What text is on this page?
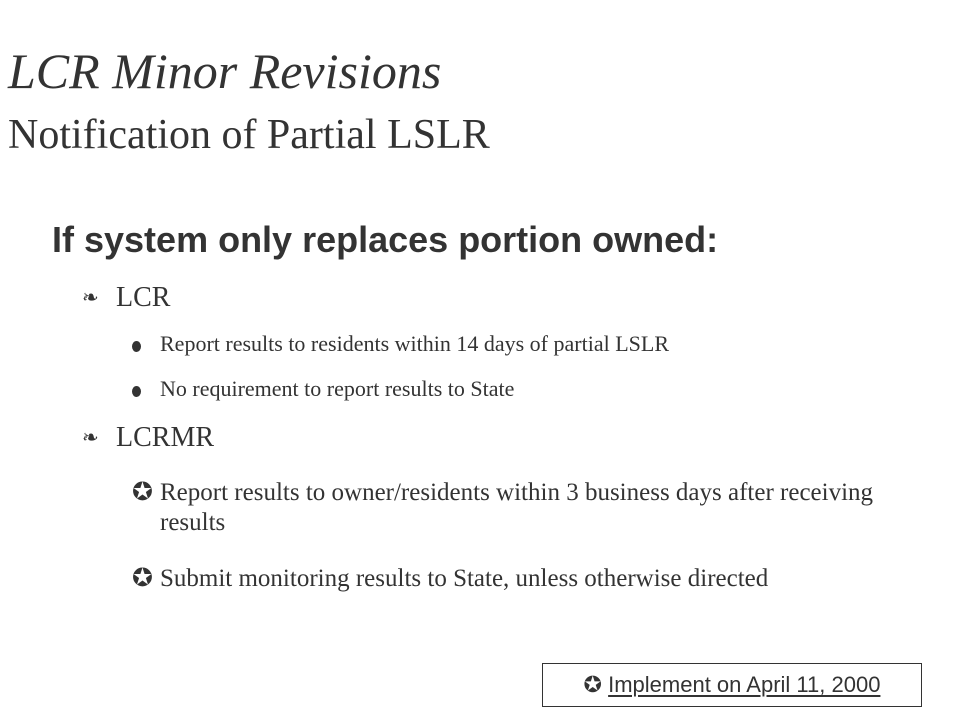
LCR Minor Revisions
Notification of Partial LSLR
If system only replaces portion owned:
❧ LCR
Report results to residents within 14 days of partial LSLR
No requirement to report results to State
❧ LCRMR
✪ Report results to owner/residents within 3 business days after receiving results
✪ Submit monitoring results to State, unless otherwise directed
✪ Implement on April 11, 2000
